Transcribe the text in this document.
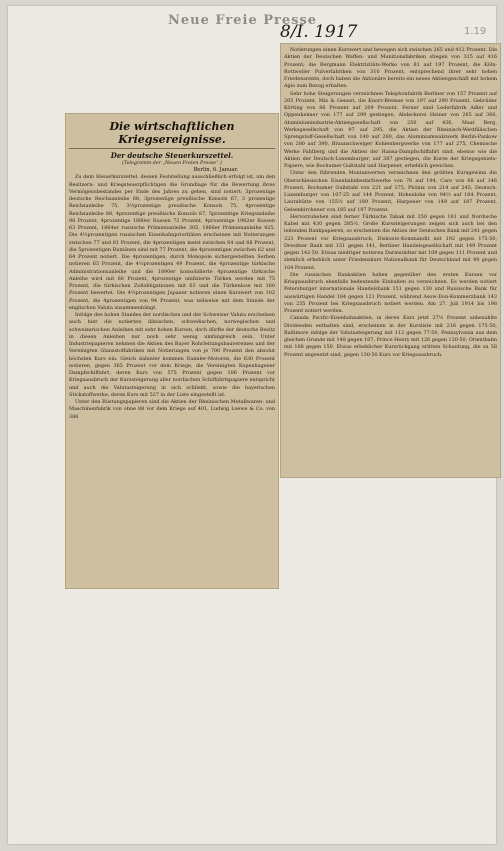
Neue Freie Presse
8/I. 1917	1.19
Die wirtschaftlichen Kriegsereignisse.
Der deutsche Steuerkurszettel.
(Telegramm der „Neuen Freien Presse“.)
Berlin, 6. Januar.

Zu dem Steuerkurszettel, dessen Feststellung ausschließlich erfolgt ist, um den Besitzern- und Kriegsteuerpflichtigen die Grundlage für die Bewertung ihres Vermögensbestandes per Ende des Jahres zu geben, sind notiert: 3prozentige deutsche Reichsanleihe 66, 3prozentige preußische Konsols 67, 3 prozentige Reichsanleihe 75, 3½prozentige preußische Konsols 75, 4prozentige Reichsanleihe 88, 4prozentige preußische Konsols 87, 5prozentige Kriegsanleihe 98 Prozent, 4prozentige 1880er Russen 72 Prozent, 4prozentige 1902er Russen 63 Prozent, 1864er russische Prämienanleihe 305, 1866er Prämienanleihe 425. Die 4½prozentigen russischen Eisenbahnprioritäten erscheinen mit Notierungen zwischen 77 und 81 Prozent, die 4prozentigen meist zwischen 64 und 68 Prozent, die 5prozentigen Rumänen sind mit 77 Prozent, die 4prozentigen zwischen 62 und 64 Prozent notiert. Die 4prozentigen, durch Monopole sichergestellten Serben notieren 63 Prozent, die 4½prozentigen 49 Prozent, die 4prozentige türkische Administrationsanleihe und die 1890er konsolidierte 4prozentige türkische Anleihe wird mit 68 Prozent, 4prozentige unifizierte Türken werden mit 75 Prozent, die türkischen Zollobligationen mit 63 und die Türkenlose mit 160 Prozent bewertet. Die 4½prozentigen Japaner notieren einen Kurswert von 102 Prozent, die 4prozentigen von 94 Prozent, was teilweise mit dem Stande der englischen Valuta zusammenhängt.

Infolge des hohen Standes der nordischen und der Schweizer Valuta erscheinen auch hier die notierten dänischen, schwedischen, norwegischen und schweizerischen Anleihen mit sehr hohen Kursen, doch dürfte der deutsche Besitz in diesen Anleihen nur noch sehr wenig umfangreich sein. Unter Industriepapieren nehmen die Aktien des Bayer Rohrleitungsbauvereines und der Vereinigten Glanzstoffabriken mit Notierungen von je 700 Prozent den absolut höchsten Kurs ein. Gleich dahinter kommen Daimler-Motoren, die 630 Prozent notieren, gegen 365 Prozent vor dem Kriege, die Vereinigten Kopenhagener Dampfschiffahrt, deren Kurs von 575 Prozent gegen 106 Prozent vor Kriegsausbruch der Kurssteigerung aller nordischen Schiffahrtspapiere entspricht und auch die Valutasteigerung in sich schließt, sowie die bayerischen Stickstoffwerke, deren Kurs mit 527 in der Liste eingestellt ist.

Unter den Rüstungspapieren sind die Aktien der Rheinischen Metallwaren- und Maschinenfabrik von ohne 88 vor dem Kriege auf 401, Ludwig Loewe & Co. von 386

Notierungen einen Kurswert und bewegen sich zwischen 265 und 412 Prozent. Die Aktien der Deutschen Waffen- und Munitionsfabriken stiegen von 315 auf 416 Prozent; die Bergmann Elektrizitäts-Werke von 81 auf 197 Prozent, die Köln-Rottweiler Pulverfabriken von 310 Prozent, entsprechend ihrer sehr hohen Friedensrente, doch haben die Aktionäre bereits ein neues Aktiengeschäft mit hohem Agio zum Bezug erhalten.

Sehr hohe Steigerungen verzeichnen Telephonfabrik Berliner von 157 Prozent auf 265 Prozent, Mix & Genest, die Knorr-Bremse von 197 auf 290 Prozent, Gebrüder Körting von 86 Prozent auf 209 Prozent. Ferner sind Lederfabrik Adler und Oppenheimer von 177 auf 299 gestiegen, Abdeckerei Heiner von 265 auf 366, Aluminiumindustrie-Aktiengesellschaft von 250 auf 436, Maat Berg. Werksgesellschaft von 97 auf 295, die Aktien der Rheinisch-Westfälischen Sprengstoff-Gesellschaft von 140 auf 260, das Aluminiumwalzwerk Berlin-Pankow von 280 auf 390, Braunschweiger Kohlenbergwerke von 177 auf 275, Chemische Werke Fahlberg und die Aktien der Hansa-Dampfschiffahrt sind, ebenso wie die Aktien der Deutsch-Luxemburger, auf 387 gestiegen, die Kurse der Kriegsgebiets-Papiere, wie Bochumer Gußstahl und Harpener, erheblich gewichen.

Unter den führenden Montanwerten verzeichnen den größten Kursgewinn die Oberschlesischen Eisenbahnbedarfswerke von 76 auf 194, Caro von 68 auf 146 Prozent, Bochumer Gußstahl von 221 auf 275, Phönix von 214 auf 245, Deutsch-Luxemburger von 107·25 auf 144 Prozent, Hohenlohe von 94½ auf 164 Prozent, Laurahütte von 155½ auf 189 Prozent, Harpener von 149 auf 187 Prozent, Gelsenkirchener von 185 auf 197 Prozent.

Hervorzuheben sind ferner Türkische Tabak mit 250 gegen 181 und Nordische Kabel mit 430 gegen 285½. Große Kurssteigerungen zeigen sich auch bei den leitenden Bankpapieren, so erscheinen die Aktien der Deutschen Bank mit 241 gegen 223 Prozent vor Kriegsausbruch, Diskonto-Kommandit mit 192 gegen 175·50, Dresdner Bank mit 151 gegen 141, Berliner Handelsgesellschaft mit 149 Prozent gegen 142·50. Etwas niedriger notieren Darmstädter mit 109 gegen 111 Prozent und ziemlich erheblich unter Friedenskurs Nationalbank für Deutschland mit 90 gegen 104 Prozent.

Die russischen Bankaktien haben gegenüber den ersten Kursen vor Kriegsausbruch ebenfalls bedeutende Einbußen zu verzeichnen. Es werden notiert Petersburger internationale Handelsbank 151 gegen 130 und Russische Bank für auswärtigen Handel 184 gegen 121 Prozent, während Asow-Don-Kommerzbank 143 von 235 Prozent bei Kriegsausbruch notiert werden. Am 27. Juli 1914 bis 198 Prozent notiert werden.

Canada Pacific-Eisenbahnaktien, in deren Kurs jetzt 27½ Prozent unbezahlte Dividenden enthalten sind, erscheinen in der Kursliste mit 216 gegen 175·50, Baltimore infolge der Valutasteigerung mit 112 gegen 77·50, Pennsylvania aus dem gleichen Grunde mit 148 gegen 107, Prince Henry mit 126 gegen 130·50, Orientbahn mit 168 gegen 150. Etwas erheblicher Kursrückgang erlitten Schantung, die zu 58 Prozent angesetzt sind, gegen 130·50 Kurs vor Kriegsausbruch.
